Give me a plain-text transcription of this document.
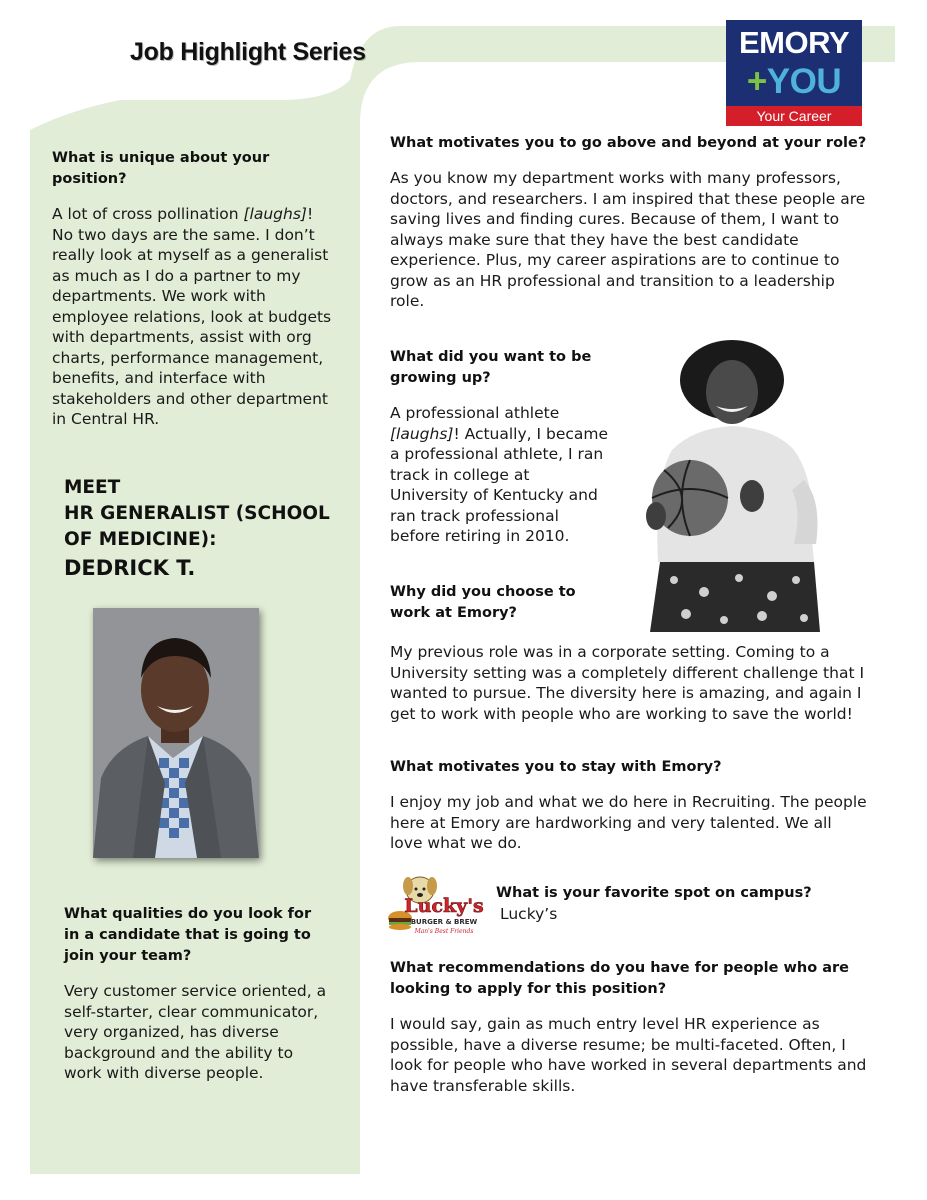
Job Highlight Series	EMORY
+YOU
Your Career

What is unique about your position?

A lot of cross pollination [laughs]! No two days are the same. I don’t really look at myself as a generalist as much as I do a partner to my departments. We work with employee relations, look at budgets with departments, assist with org charts, performance management, benefits, and interface with stakeholders and other department in Central HR.

MEET
HR GENERALIST (SCHOOL OF MEDICINE):
DEDRICK T.

What qualities do you look for in a candidate that is going to join your team?

Very customer service oriented, a self-starter, clear communicator, very organized, has diverse background and the ability to work with diverse people.

What motivates you to go above and beyond at your role?

As you know my department works with many professors, doctors, and researchers. I am inspired that these people are saving lives and finding cures. Because of them, I want to always make sure that they have the best candidate experience. Plus, my career aspirations are to continue to grow as an HR professional and transition to a leadership role.

What did you want to be growing up?

A professional athlete [laughs]! Actually, I became a professional athlete, I ran track in college at University of Kentucky and ran track professional before retiring in 2010.

Why did you choose to work at Emory?

My previous role was in a corporate setting. Coming to a University setting was a completely different challenge that I wanted to pursue. The diversity here is amazing, and again I get to work with people who are working to save the world!

What motivates you to stay with Emory?

I enjoy my job and what we do here in Recruiting. The people here at Emory are hardworking and very talented. We all love what we do.

Lucky's
BURGER & BREW
Man's Best Friends

What is your favorite spot on campus?

Lucky’s

What recommendations do you have for people who are looking to apply for this position?

I would say, gain as much entry level HR experience as possible, have a diverse resume; be multi-faceted. Often, I look for people who have worked in several departments and have transferable skills.
